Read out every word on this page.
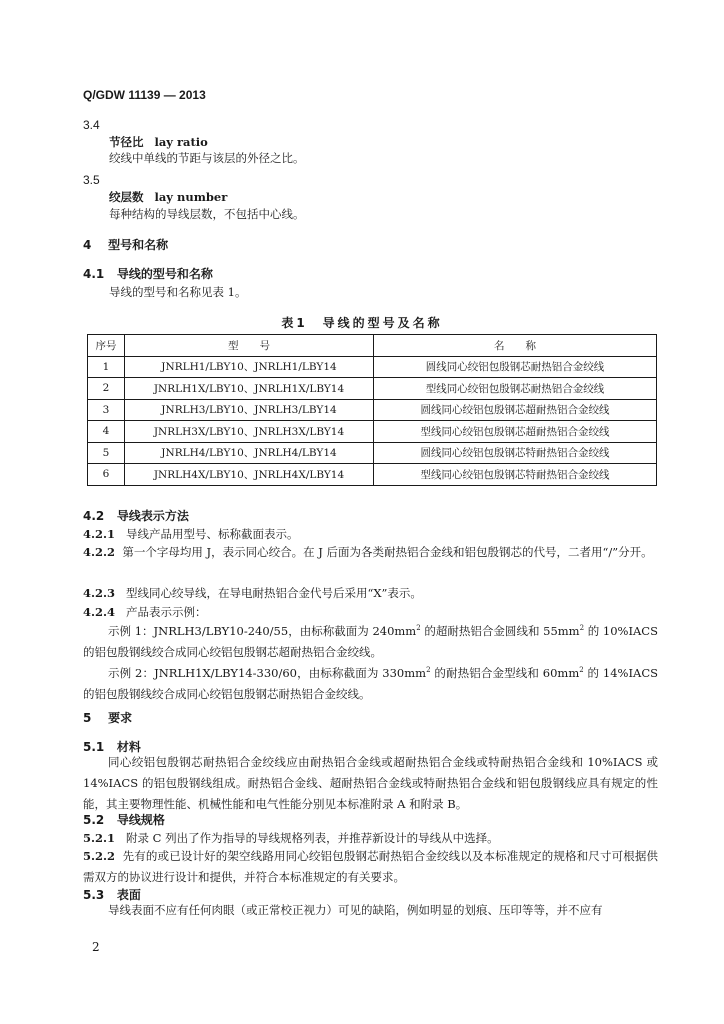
Q/GDW 11139 — 2013
3.4
节径比 lay ratio
绞线中单线的节距与该层的外径之比。
3.5
绞层数 lay number
每种结构的导线层数，不包括中心线。
4 型号和名称
4.1 导线的型号和名称
导线的型号和名称见表 1。
表1　导线的型号及名称
序号	型　　号	名　　称
1	JNRLH1/LBY10、JNRLH1/LBY14	圆线同心绞铝包殷钢芯耐热铝合金绞线
2	JNRLH1X/LBY10、JNRLH1X/LBY14	型线同心绞铝包殷钢芯耐热铝合金绞线
3	JNRLH3/LBY10、JNRLH3/LBY14	圆线同心绞铝包殷钢芯超耐热铝合金绞线
4	JNRLH3X/LBY10、JNRLH3X/LBY14	型线同心绞铝包殷钢芯超耐热铝合金绞线
5	JNRLH4/LBY10、JNRLH4/LBY14	圆线同心绞铝包殷钢芯特耐热铝合金绞线
6	JNRLH4X/LBY10、JNRLH4X/LBY14	型线同心绞铝包殷钢芯特耐热铝合金绞线
4.2 导线表示方法
4.2.1 导线产品用型号、标称截面表示。
4.2.2 第一个字母均用 J，表示同心绞合。在 J 后面为各类耐热铝合金线和铝包殷钢芯的代号，二者用“/”分开。
4.2.3 型线同心绞导线，在导电耐热铝合金代号后采用“X”表示。
4.2.4 产品表示示例：
示例 1：JNRLH3/LBY10-240/55，由标称截面为 $240mm^2$ 的超耐热铝合金圆线和 $55mm^2$ 的 10%IACS 的铝包殷钢线绞合成同心绞铝包殷钢芯超耐热铝合金绞线。
示例 2：JNRLH1X/LBY14-330/60，由标称截面为 $330mm^2$ 的耐热铝合金型线和 $60mm^2$ 的 14%IACS 的铝包殷钢线绞合成同心绞铝包殷钢芯耐热铝合金绞线。
5 要求
5.1 材料
同心绞铝包殷钢芯耐热铝合金绞线应由耐热铝合金线或超耐热铝合金线或特耐热铝合金线和 10%IACS 或 14%IACS 的铝包殷钢线组成。耐热铝合金线、超耐热铝合金线或特耐热铝合金线和铝包殷钢线应具有规定的性能，其主要物理性能、机械性能和电气性能分别见本标准附录 A 和附录 B。
5.2 导线规格
5.2.1 附录 C 列出了作为指导的导线规格列表，并推荐新设计的导线从中选择。
5.2.2 先有的或已设计好的架空线路用同心绞铝包殷钢芯耐热铝合金绞线以及本标准规定的规格和尺寸可根据供需双方的协议进行设计和提供，并符合本标准规定的有关要求。
5.3 表面
导线表面不应有任何肉眼（或正常校正视力）可见的缺陷，例如明显的划痕、压印等等，并不应有
2
